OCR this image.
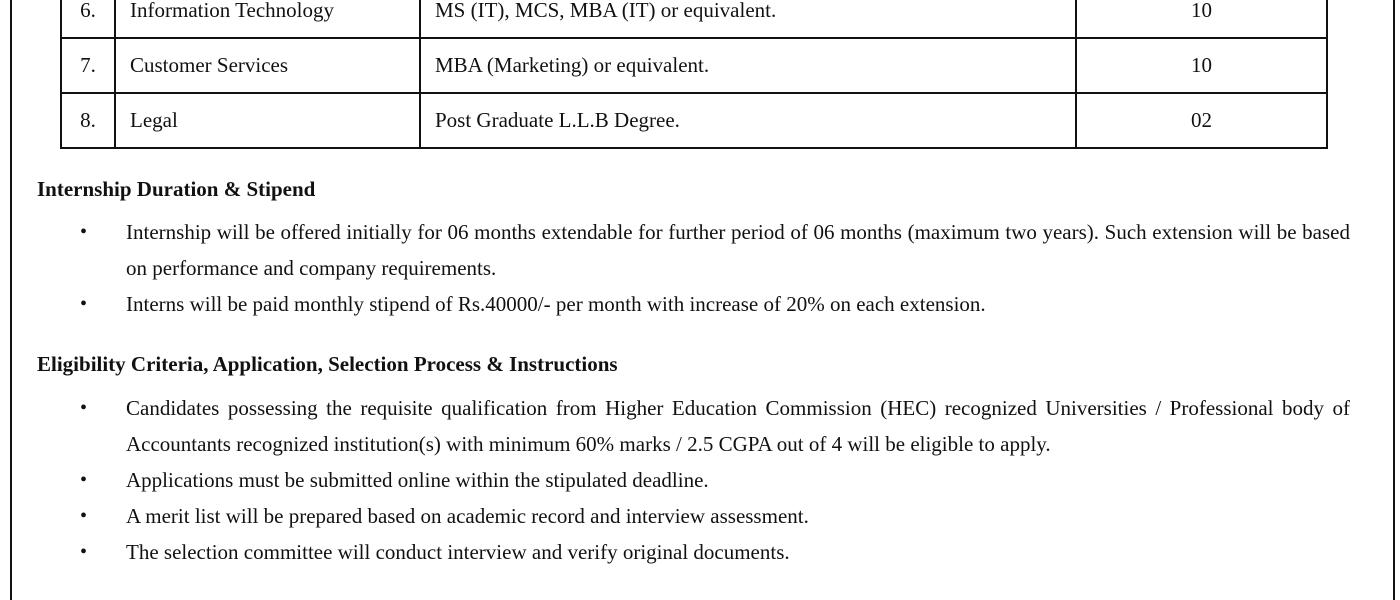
6.	Information Technology	MS (IT), MCS, MBA (IT) or equivalent.	10
7.	Customer Services	MBA (Marketing) or equivalent.	10
8.	Legal	Post Graduate L.L.B Degree.	02
Internship Duration & Stipend
•	Internship will be offered initially for 06 months extendable for further period of 06 months (maximum two years). Such extension will be based on performance and company requirements.
•	Interns will be paid monthly stipend of Rs.40000/- per month with increase of 20% on each extension.
Eligibility Criteria, Application, Selection Process & Instructions
•	Candidates possessing the requisite qualification from Higher Education Commission (HEC) recognized Universities / Professional body of Accountants recognized institution(s) with minimum 60% marks / 2.5 CGPA out of 4 will be eligible to apply.
•	Applications must be submitted online within the stipulated deadline.
•	A merit list will be prepared based on academic record and interview assessment.
•	The selection committee will conduct interview and verify original documents.
